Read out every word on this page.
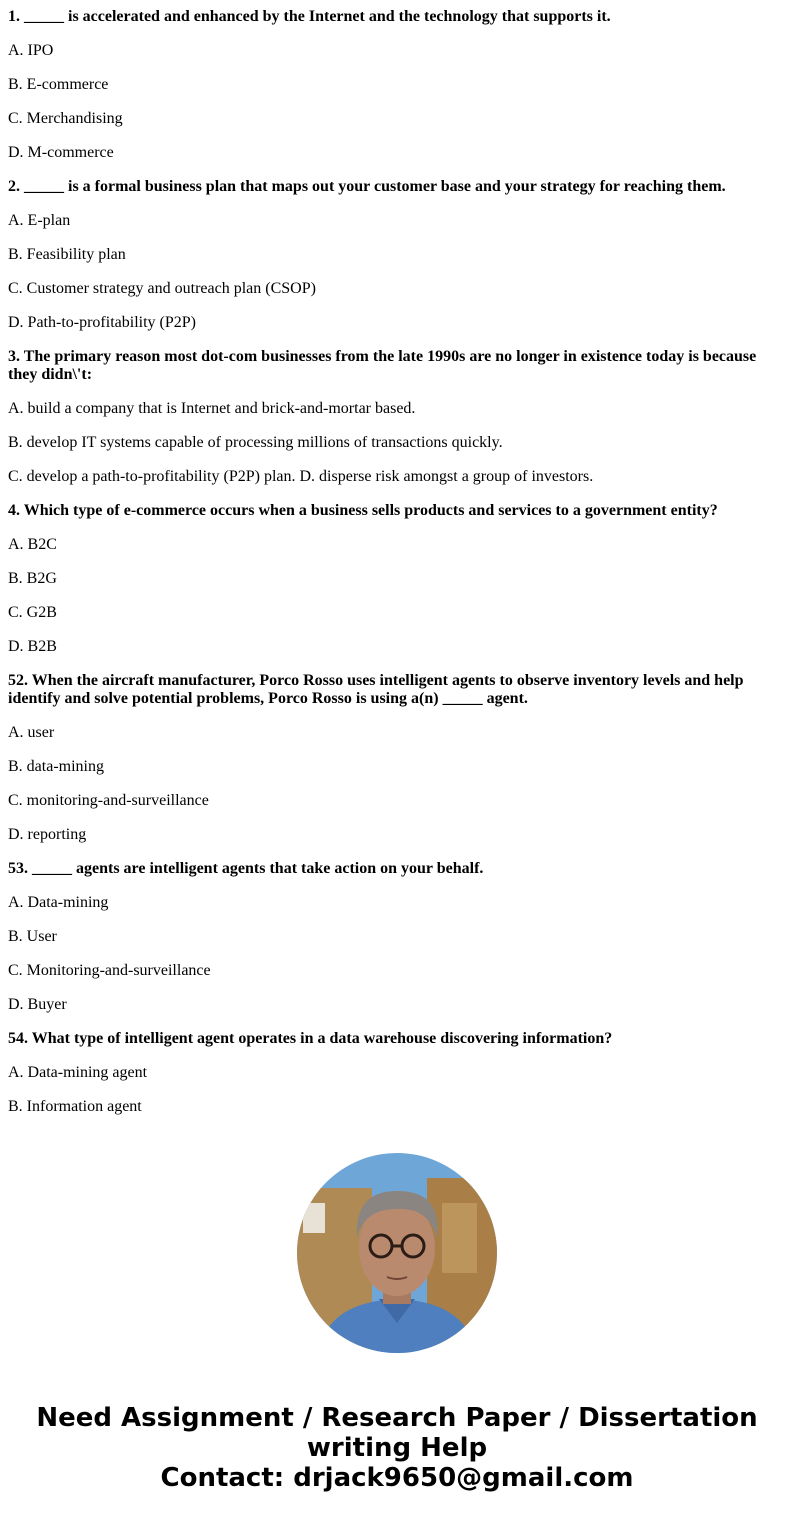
1. _____ is accelerated and enhanced by the Internet and the technology that supports it.
A. IPO
B. E-commerce
C. Merchandising
D. M-commerce
2. _____ is a formal business plan that maps out your customer base and your strategy for reaching them.
A. E-plan
B. Feasibility plan
C. Customer strategy and outreach plan (CSOP)
D. Path-to-profitability (P2P)
3. The primary reason most dot-com businesses from the late 1990s are no longer in existence today is because they didn\'t:
A. build a company that is Internet and brick-and-mortar based.
B. develop IT systems capable of processing millions of transactions quickly.
C. develop a path-to-profitability (P2P) plan. D. disperse risk amongst a group of investors.
4. Which type of e-commerce occurs when a business sells products and services to a government entity?
A. B2C
B. B2G
C. G2B
D. B2B
52. When the aircraft manufacturer, Porco Rosso uses intelligent agents to observe inventory levels and help identify and solve potential problems, Porco Rosso is using a(n) _____ agent.
A. user
B. data-mining
C. monitoring-and-surveillance
D. reporting
53. _____ agents are intelligent agents that take action on your behalf.
A. Data-mining
B. User
C. Monitoring-and-surveillance
D. Buyer
54. What type of intelligent agent operates in a data warehouse discovering information?
A. Data-mining agent
B. Information agent
Need Assignment / Research Paper / Dissertation
writing Help
Contact: drjack9650@gmail.com
